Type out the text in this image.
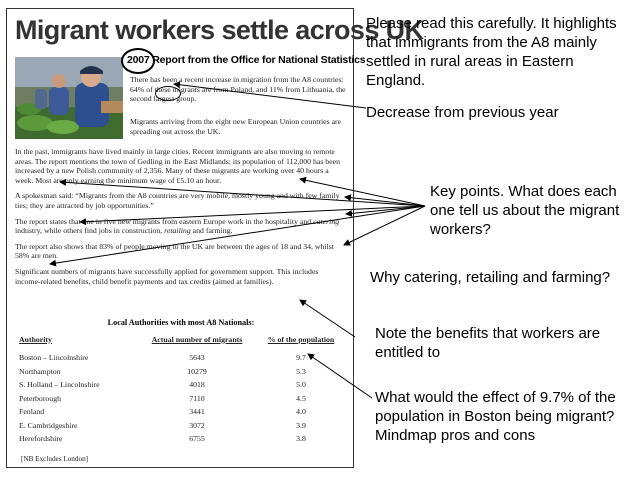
Migrant workers settle across UK
2007 Report from the Office for National Statistics
There has been a recent increase in migration from the A8 countries: 64% of these migrants are from Poland, and 11% from Lithuania, the second largest group.
Migrants arriving from the eight new European Union countries are spreading out across the UK.

In the past, immigrants have lived mainly in large cities. Recent immigrants are also moving to remote areas. The report mentions the town of Gedling in the East Midlands; its population of 112,000 has been increased by a new Polish community of 2,356. Many of these migrants are working over 40 hours a week. Most are only earning the minimum wage of £5.10 an hour.

A spokesman said: “Migrants from the A8 countries are very mobile, mostly young and with few family ties; they are attracted by job opportunities.”

The report states that one in five new migrants from eastern Europe work in the hospitality and catering industry, while others find jobs in construction, retailing and farming.

The report also shows that 83% of people moving to the UK are between the ages of 18 and 34, whilst 58% are men.

Significant numbers of migrants have successfully applied for government support. This includes income-related benefits, child benefit payments and tax credits (aimed at families).

Local Authorities with most A8 Nationals:
Authority	Actual number of migrants	% of the population
Boston – Lincolnshire	5643	9.7
Northampton	10279	5.3
S. Holland – Lincolnshire	4018	5.0
Peterborough	7110	4.5
Fenland	3441	4.0
E. Cambridgeshire	3072	3.9
Herefordshire	6755	3.8
[NB Excludes London]
Please read this carefully. It highlights that immigrants from the A8 mainly settled in rural areas in Eastern England.
Decrease from previous year
Key points. What does each one tell us about the migrant workers?
Why catering, retailing and farming?
Note the benefits that workers are entitled to
What would the effect of 9.7% of the population in Boston being migrant? Mindmap pros and cons
